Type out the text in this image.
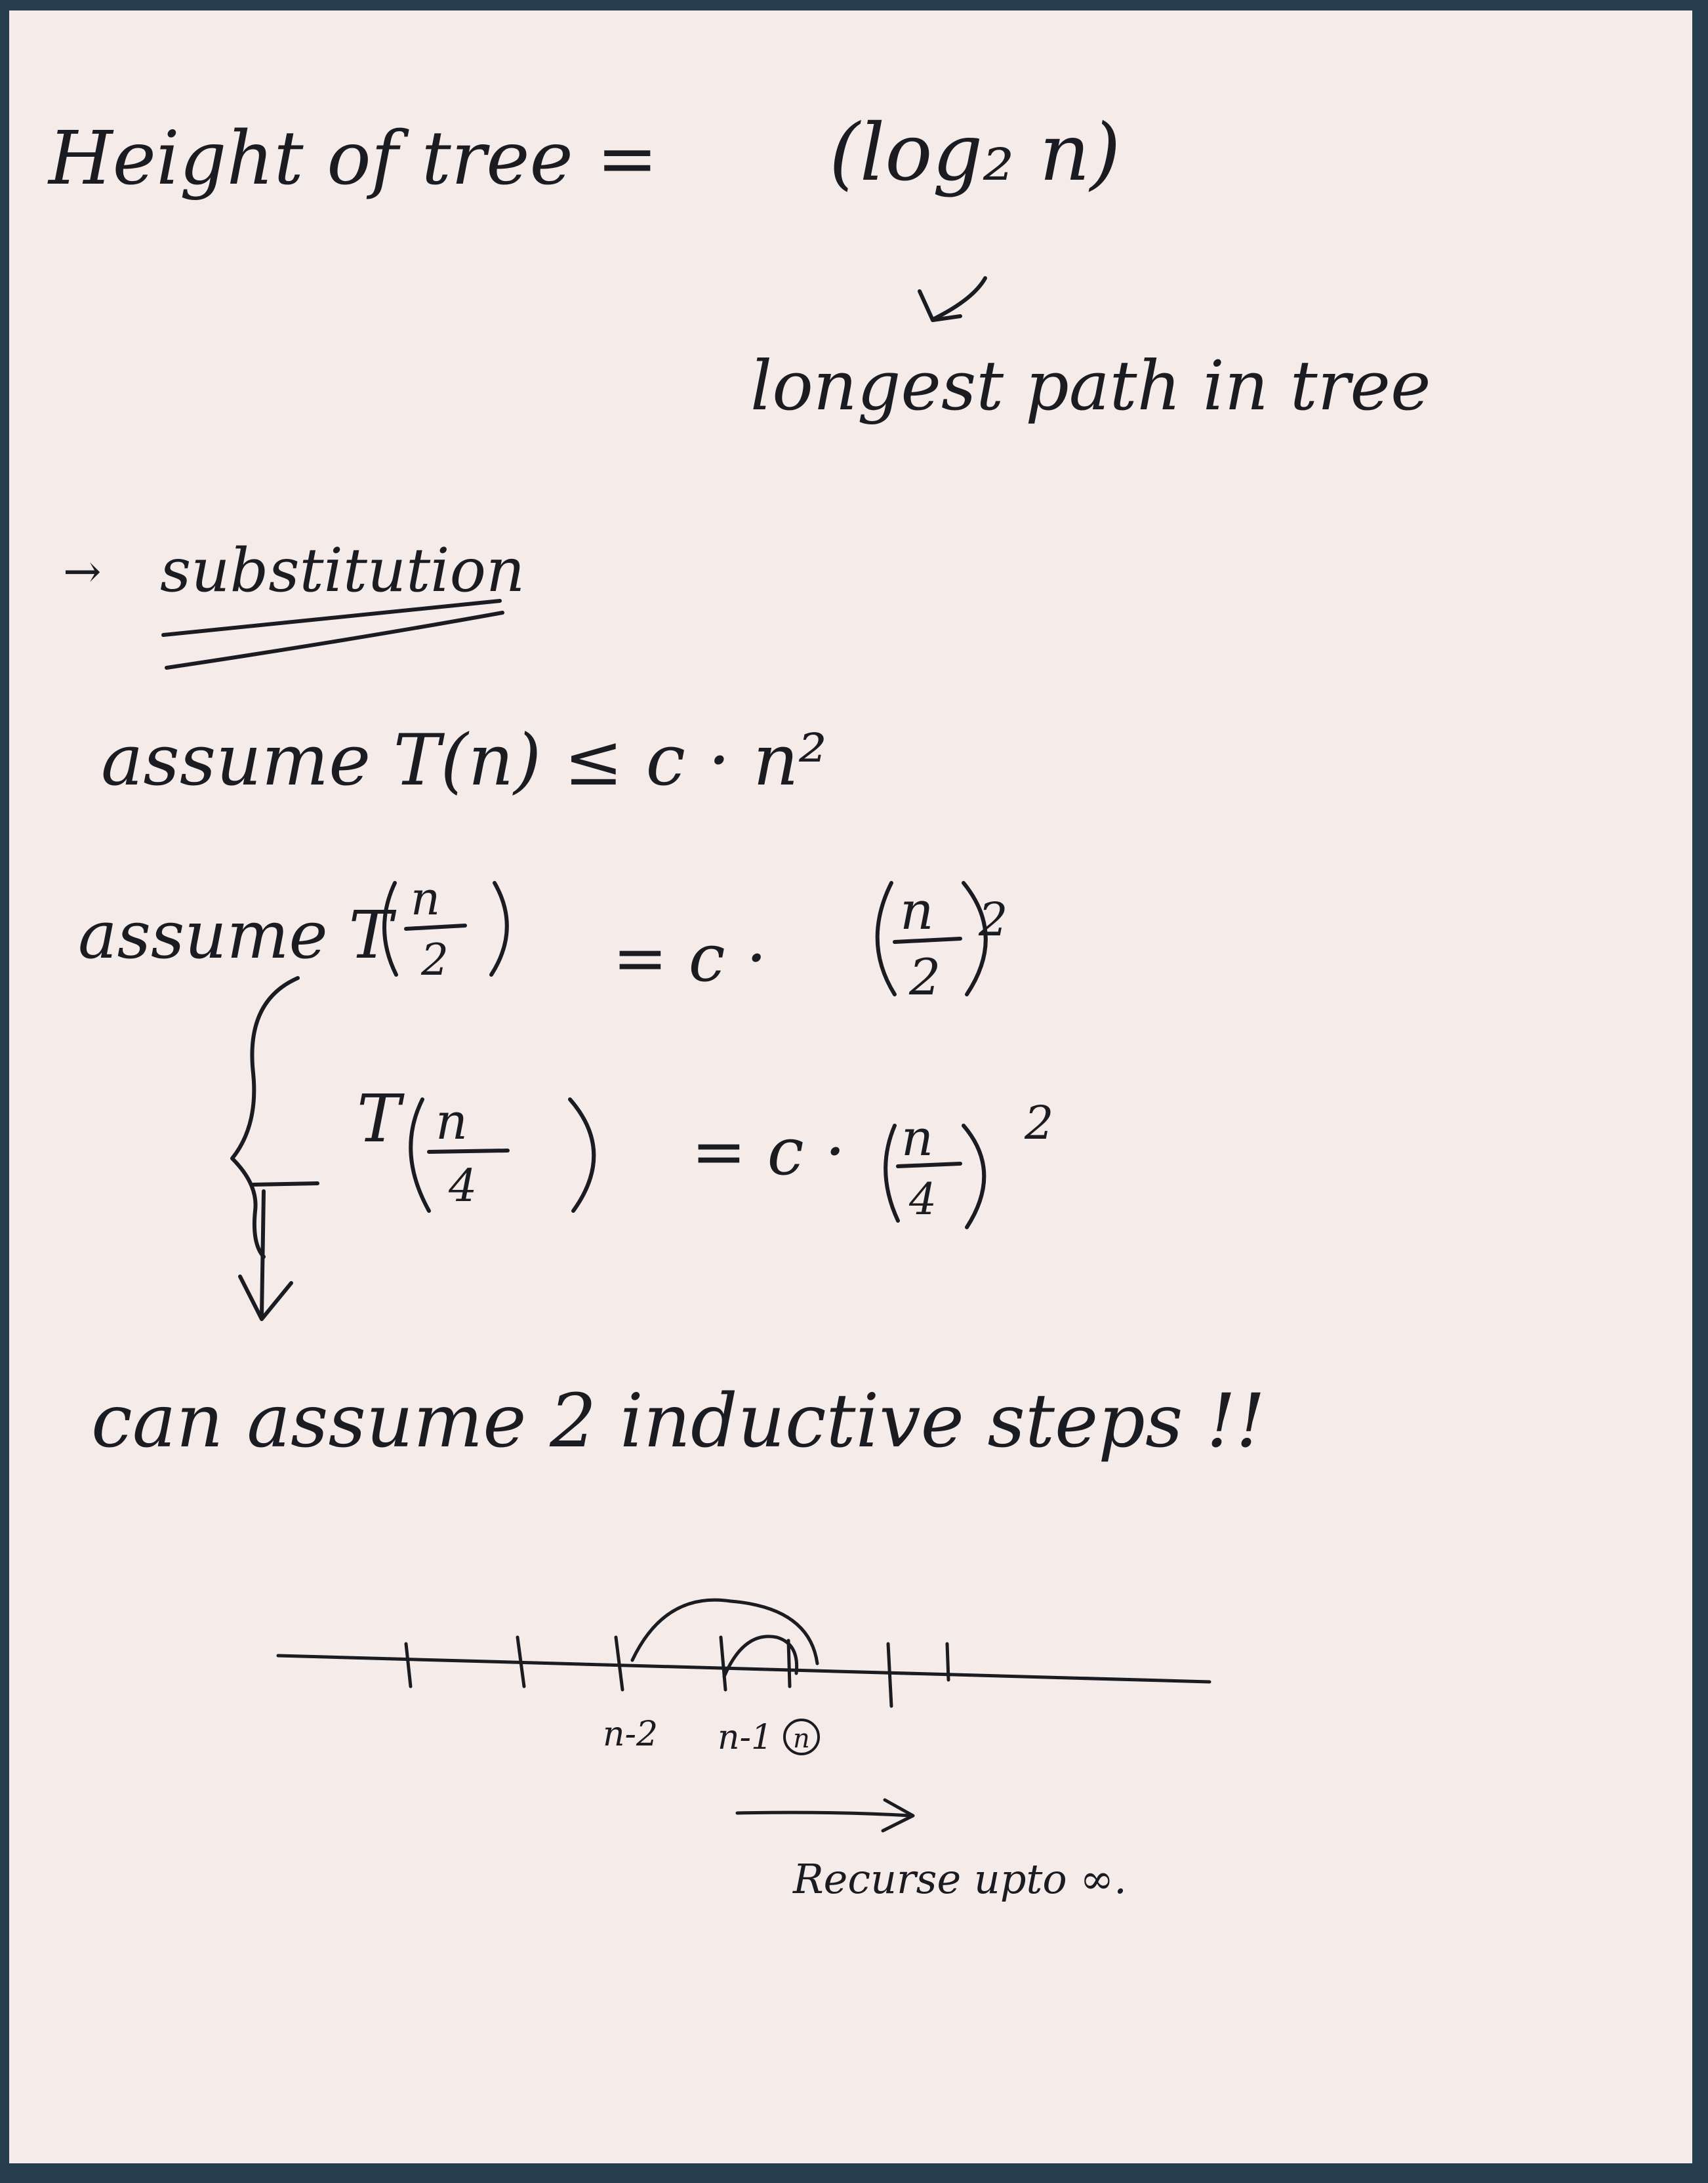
Height of tree = (log₂ n)
longest path in tree
→ substitution
assume T(n) ≤ c · n²
assume T	= c ·
T	= c ·
can assume 2 inductive steps !!
n
2
n
2
2
n
4
n
4
2
n-2 n-1 n
Recurse upto ∞.
